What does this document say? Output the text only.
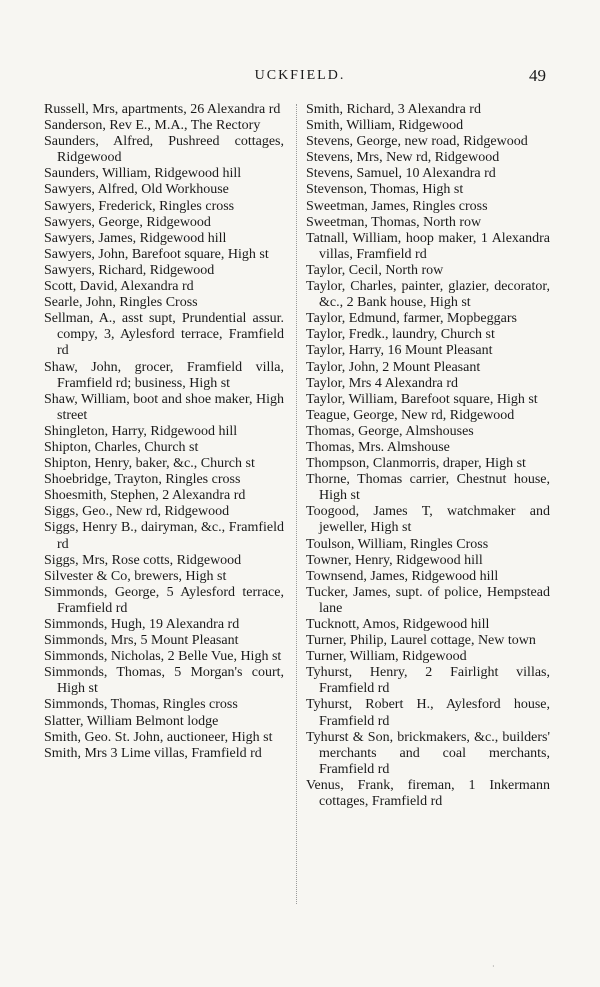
UCKFIELD.	49
Russell, Mrs, apartments, 26 Alexandra rd
Sanderson, Rev E., M.A., The Rectory
Saunders, Alfred, Pushreed cottages, Ridgewood
Saunders, William, Ridgewood hill
Sawyers, Alfred, Old Workhouse
Sawyers, Frederick, Ringles cross
Sawyers, George, Ridgewood
Sawyers, James, Ridgewood hill
Sawyers, John, Barefoot square, High st
Sawyers, Richard, Ridgewood
Scott, David, Alexandra rd
Searle, John, Ringles Cross
Sellman, A., asst supt, Prundential assur. compy, 3, Aylesford terrace, Framfield rd
Shaw, John, grocer, Framfield villa, Framfield rd; business, High st
Shaw, William, boot and shoe maker, High street
Shingleton, Harry, Ridgewood hill
Shipton, Charles, Church st
Shipton, Henry, baker, &c., Church st
Shoebridge, Trayton, Ringles cross
Shoesmith, Stephen, 2 Alexandra rd
Siggs, Geo., New rd, Ridgewood
Siggs, Henry B., dairyman, &c., Framfield rd
Siggs, Mrs, Rose cotts, Ridgewood
Silvester & Co, brewers, High st
Simmonds, George, 5 Aylesford terrace, Framfield rd
Simmonds, Hugh, 19 Alexandra rd
Simmonds, Mrs, 5 Mount Pleasant
Simmonds, Nicholas, 2 Belle Vue, High st
Simmonds, Thomas, 5 Morgan's court, High st
Simmonds, Thomas, Ringles cross
Slatter, William Belmont lodge
Smith, Geo. St. John, auctioneer, High st
Smith, Mrs 3 Lime villas, Framfield rd
Smith, Richard, 3 Alexandra rd
Smith, William, Ridgewood
Stevens, George, new road, Ridgewood
Stevens, Mrs, New rd, Ridgewood
Stevens, Samuel, 10 Alexandra rd
Stevenson, Thomas, High st
Sweetman, James, Ringles cross
Sweetman, Thomas, North row
Tatnall, William, hoop maker, 1 Alexandra villas, Framfield rd
Taylor, Cecil, North row
Taylor, Charles, painter, glazier, decorator, &c., 2 Bank house, High st
Taylor, Edmund, farmer, Mopbeggars
Taylor, Fredk., laundry, Church st
Taylor, Harry, 16 Mount Pleasant
Taylor, John, 2 Mount Pleasant
Taylor, Mrs 4 Alexandra rd
Taylor, William, Barefoot square, High st
Teague, George, New rd, Ridgewood
Thomas, George, Almshouses
Thomas, Mrs. Almshouse
Thompson, Clanmorris, draper, High st
Thorne, Thomas carrier, Chestnut house, High st
Toogood, James T, watchmaker and jeweller, High st
Toulson, William, Ringles Cross
Towner, Henry, Ridgewood hill
Townsend, James, Ridgewood hill
Tucker, James, supt. of police, Hempstead lane
Tucknott, Amos, Ridgewood hill
Turner, Philip, Laurel cottage, New town
Turner, William, Ridgewood
Tyhurst, Henry, 2 Fairlight villas, Framfield rd
Tyhurst, Robert H., Aylesford house, Framfield rd
Tyhurst & Son, brickmakers, &c., builders' merchants and coal merchants, Framfield rd
Venus, Frank, fireman, 1 Inkermann cottages, Framfield rd
·
